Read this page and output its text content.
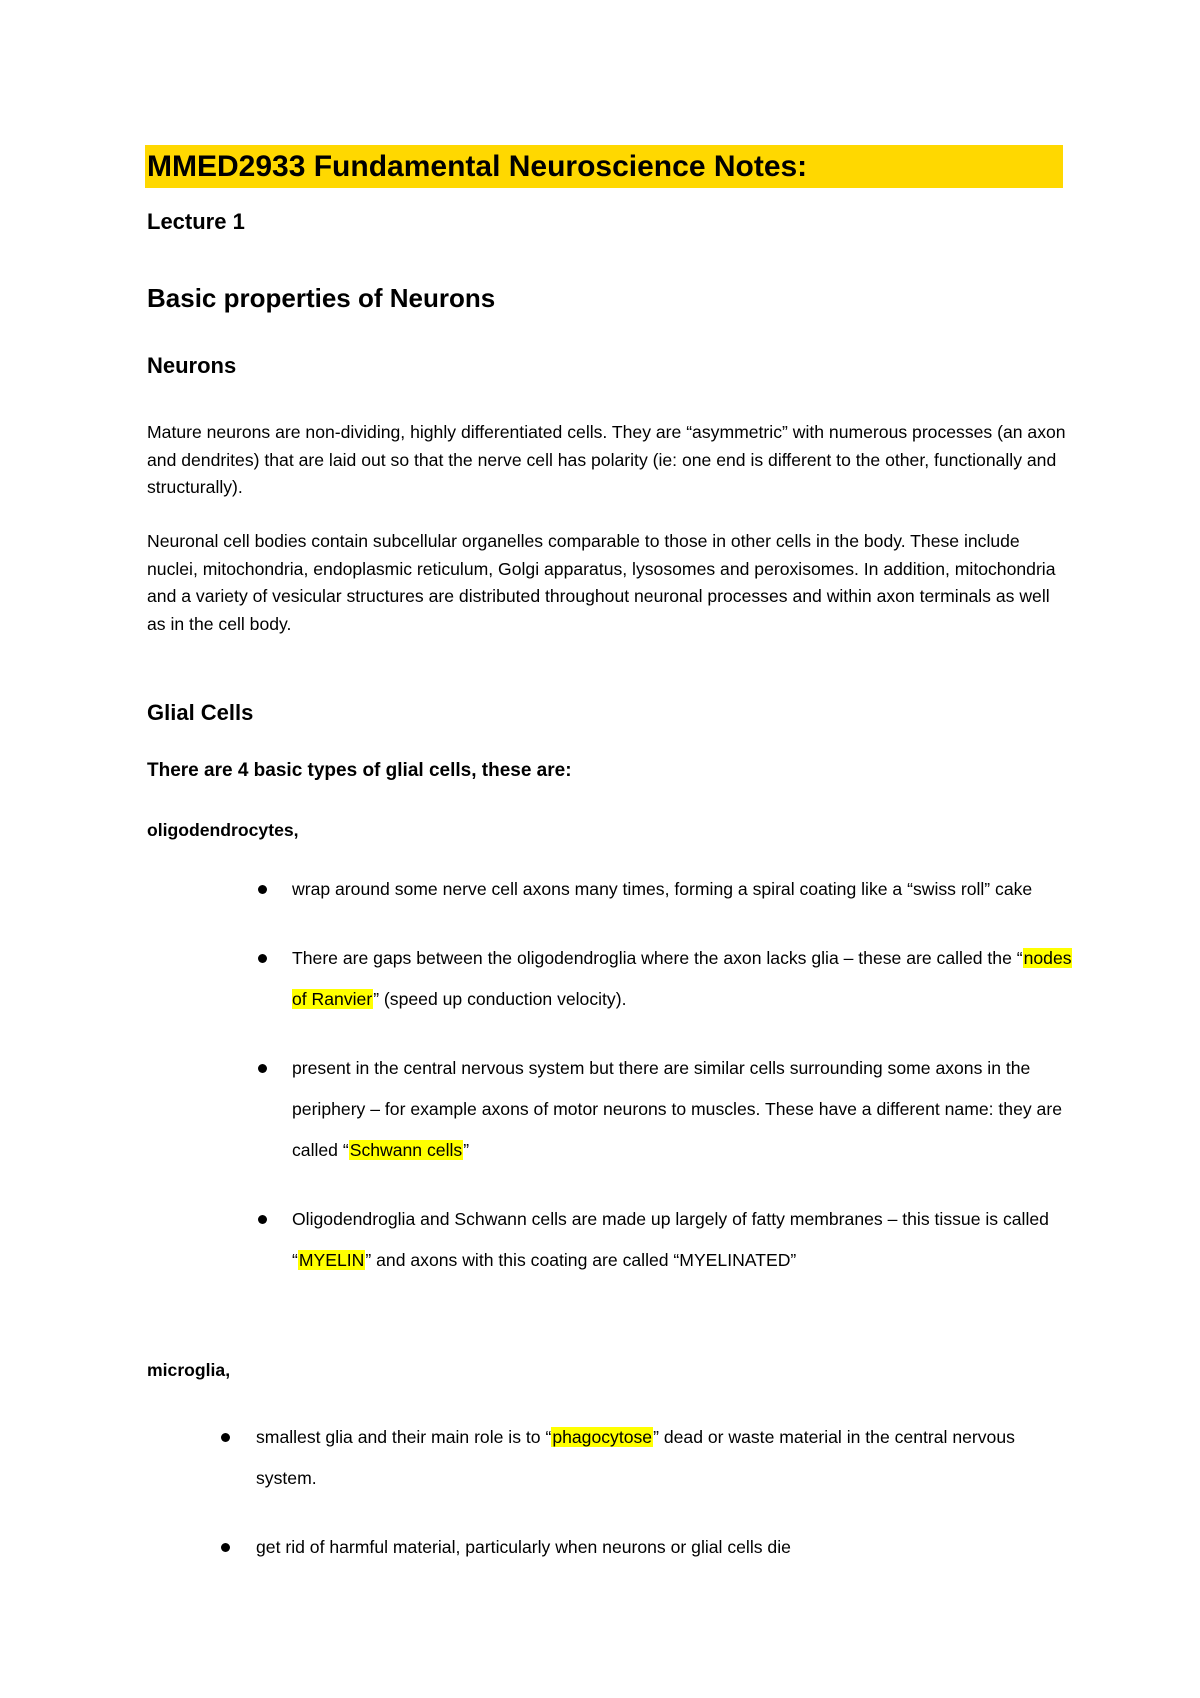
MMED2933 Fundamental Neuroscience Notes:
Lecture 1
Basic properties of Neurons
Neurons
Mature neurons are non-dividing, highly differentiated cells. They are “asymmetric” with numerous processes (an axon and dendrites) that are laid out so that the nerve cell has polarity (ie: one end is different to the other, functionally and structurally).
Neuronal cell bodies contain subcellular organelles comparable to those in other cells in the body. These include nuclei, mitochondria, endoplasmic reticulum, Golgi apparatus, lysosomes and peroxisomes. In addition, mitochondria and a variety of vesicular structures are distributed throughout neuronal processes and within axon terminals as well as in the cell body.
Glial Cells
There are 4 basic types of glial cells, these are:
oligodendrocytes,
wrap around some nerve cell axons many times, forming a spiral coating like a “swiss roll” cake
There are gaps between the oligodendroglia where the axon lacks glia – these are called the “nodes of Ranvier” (speed up conduction velocity).
present in the central nervous system but there are similar cells surrounding some axons in the periphery – for example axons of motor neurons to muscles. These have a different name: they are called “Schwann cells”
Oligodendroglia and Schwann cells are made up largely of fatty membranes – this tissue is called “MYELIN” and axons with this coating are called “MYELINATED”
microglia,
smallest glia and their main role is to “phagocytose” dead or waste material in the central nervous system.
get rid of harmful material, particularly when neurons or glial cells die
